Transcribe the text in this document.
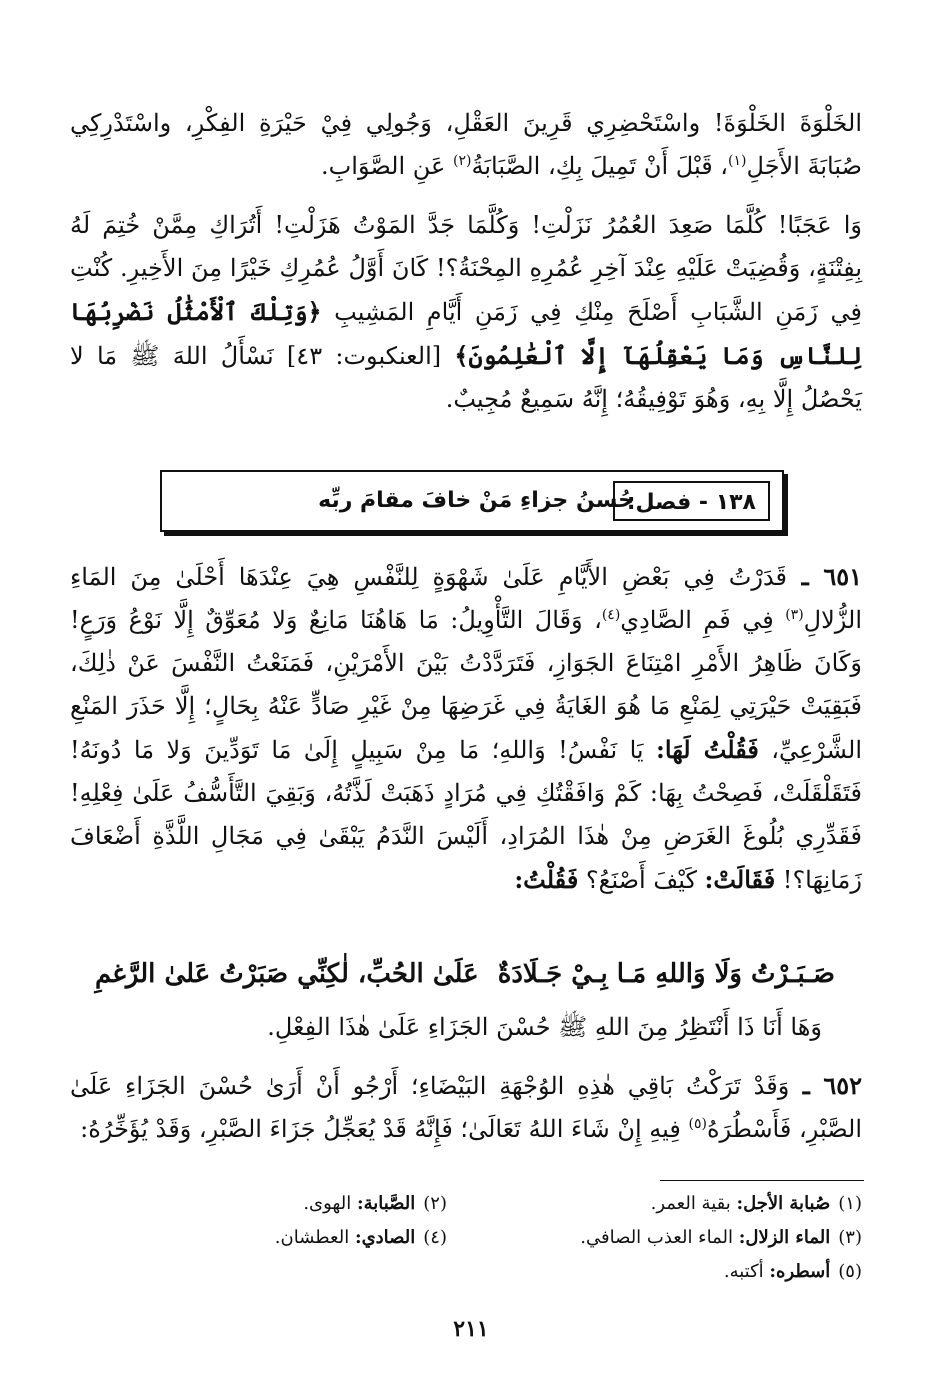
الخَلْوَةَ الخَلْوَةَ! واسْتَحْضِرِي قَرِينَ العَقْلِ، وَجُولِي فِيْ حَيْرَةِ الفِكْرِ، واسْتَدْرِكِي صُبَابَةَ الأَجَلِ$^{(١)}$، قَبْلَ أَنْ تَمِيلَ بِكِ، الصَّبَابَةُ$^{(٢)}$ عَنِ الصَّوَابِ.

وَا عَجَبًا! كُلَّمَا صَعِدَ العُمُرُ نَزَلْتِ! وَكُلَّمَا جَدَّ المَوْتُ هَزَلْتِ! أَتُرَاكِ مِمَّنْ خُتِمَ لَهُ بِفِتْنَةٍ، وَقُضِيَتْ عَلَيْهِ عِنْدَ آخِرِ عُمُرِهِ المِحْنَةُ؟! كَانَ أَوَّلُ عُمُرِكِ خَيْرًا مِنَ الأَخِيرِ. كُنْتِ فِي زَمَنِ الشَّبَابِ أَصْلَحَ مِنْكِ فِي زَمَنِ أَيَّامِ المَشِيبِ ﴿وَتِلْكَ ٱلْأَمْثَٰلُ نَضْرِبُهَا لِلنَّاسِ وَمَا يَعْقِلُهَآ إِلَّا ٱلْعَٰلِمُونَ﴾ [العنكبوت: ٤٣] نَسْأَلُ اللهَ ﷺ مَا لا يَحْصُلُ إِلَّا بِهِ، وَهُوَ تَوْفِيقُهُ؛ إِنَّهُ سَمِيعٌ مُجِيبٌ.

١٣٨ - فصل:
حُسنُ جزاءِ مَنْ خافَ مقامَ ربِّه

٦٥١ ـ قَدَرْتُ فِي بَعْضِ الأَيَّامِ عَلَىٰ شَهْوَةٍ لِلنَّفْسِ هِيَ عِنْدَهَا أَحْلَىٰ مِنَ المَاءِ الزُّلالِ$^{(٣)}$ فِي فَمِ الصَّادِي$^{(٤)}$، وَقَالَ التَّأْوِيلُ: مَا هَاهُنَا مَانِعٌ وَلا مُعَوِّقٌ إِلَّا نَوْعُ وَرَعٍ! وَكَانَ ظَاهِرُ الأَمْرِ امْتِنَاعَ الجَوَازِ، فَتَرَدَّدْتُ بَيْنَ الأَمْرَيْنِ، فَمَنَعْتُ النَّفْسَ عَنْ ذٰلِكَ، فَبَقِيَتْ حَيْرَتِي لِمَنْعِ مَا هُوَ الغَايَةُ فِي غَرَضِهَا مِنْ غَيْرِ صَادٍّ عَنْهُ بِحَالٍ؛ إِلَّا حَذَرَ المَنْعِ الشَّرْعِيِّ، فَقُلْتُ لَهَا: يَا نَفْسُ! وَاللهِ؛ مَا مِنْ سَبِيلٍ إِلَىٰ مَا تَوَدِّينَ وَلا مَا دُونَهُ! فَتَقَلْقَلَتْ، فَصِحْتُ بِهَا: كَمْ وَافَقْتُكِ فِي مُرَادٍ ذَهَبَتْ لَذَّتُهُ، وَبَقِيَ التَّأَسُّفُ عَلَىٰ فِعْلِهِ! فَقَدِّرِي بُلُوغَ الغَرَضِ مِنْ هٰذَا المُرَادِ، أَلَيْسَ النَّدَمُ يَبْقَىٰ فِي مَجَالِ اللَّذَّةِ أَضْعَافَ زَمَانِهَا؟! فَقَالَتْ: كَيْفَ أَصْنَعُ؟ فَقُلْتُ:

صَـبَـرْتُ وَلَا وَاللهِ مَـا بِـيْ جَـلَادَةٌ
عَلَىٰ الحُبِّ، لٰكِنِّي صَبَرْتُ عَلىٰ الرَّغمِ
وَهَا أَنَا ذَا أَنْتَظِرُ مِنَ اللهِ ﷺ حُسْنَ الجَزَاءِ عَلَىٰ هٰذَا الفِعْلِ.

٦٥٢ ـ وَقَدْ تَرَكْتُ بَاقِي هٰذِهِ الوُجْهَةِ البَيْضَاءِ؛ أَرْجُو أَنْ أَرَىٰ حُسْنَ الجَزَاءِ عَلَىٰ الصَّبْرِ، فَأَسْطُرَهُ$^{(٥)}$ فِيهِ إِنْ شَاءَ اللهُ تَعَالَىٰ؛ فَإِنَّهُ قَدْ يُعَجِّلُ جَزَاءَ الصَّبْرِ، وَقَدْ يُؤَخِّرُهُ:

(١)صُبابة الأجل: بقية العمر.
(٢)الصَّبابة: الهوى.
(٣)الماء الزلال: الماء العذب الصافي.
(٤)الصادي: العطشان.
(٥)أسطره: أكتبه.
٢١١
